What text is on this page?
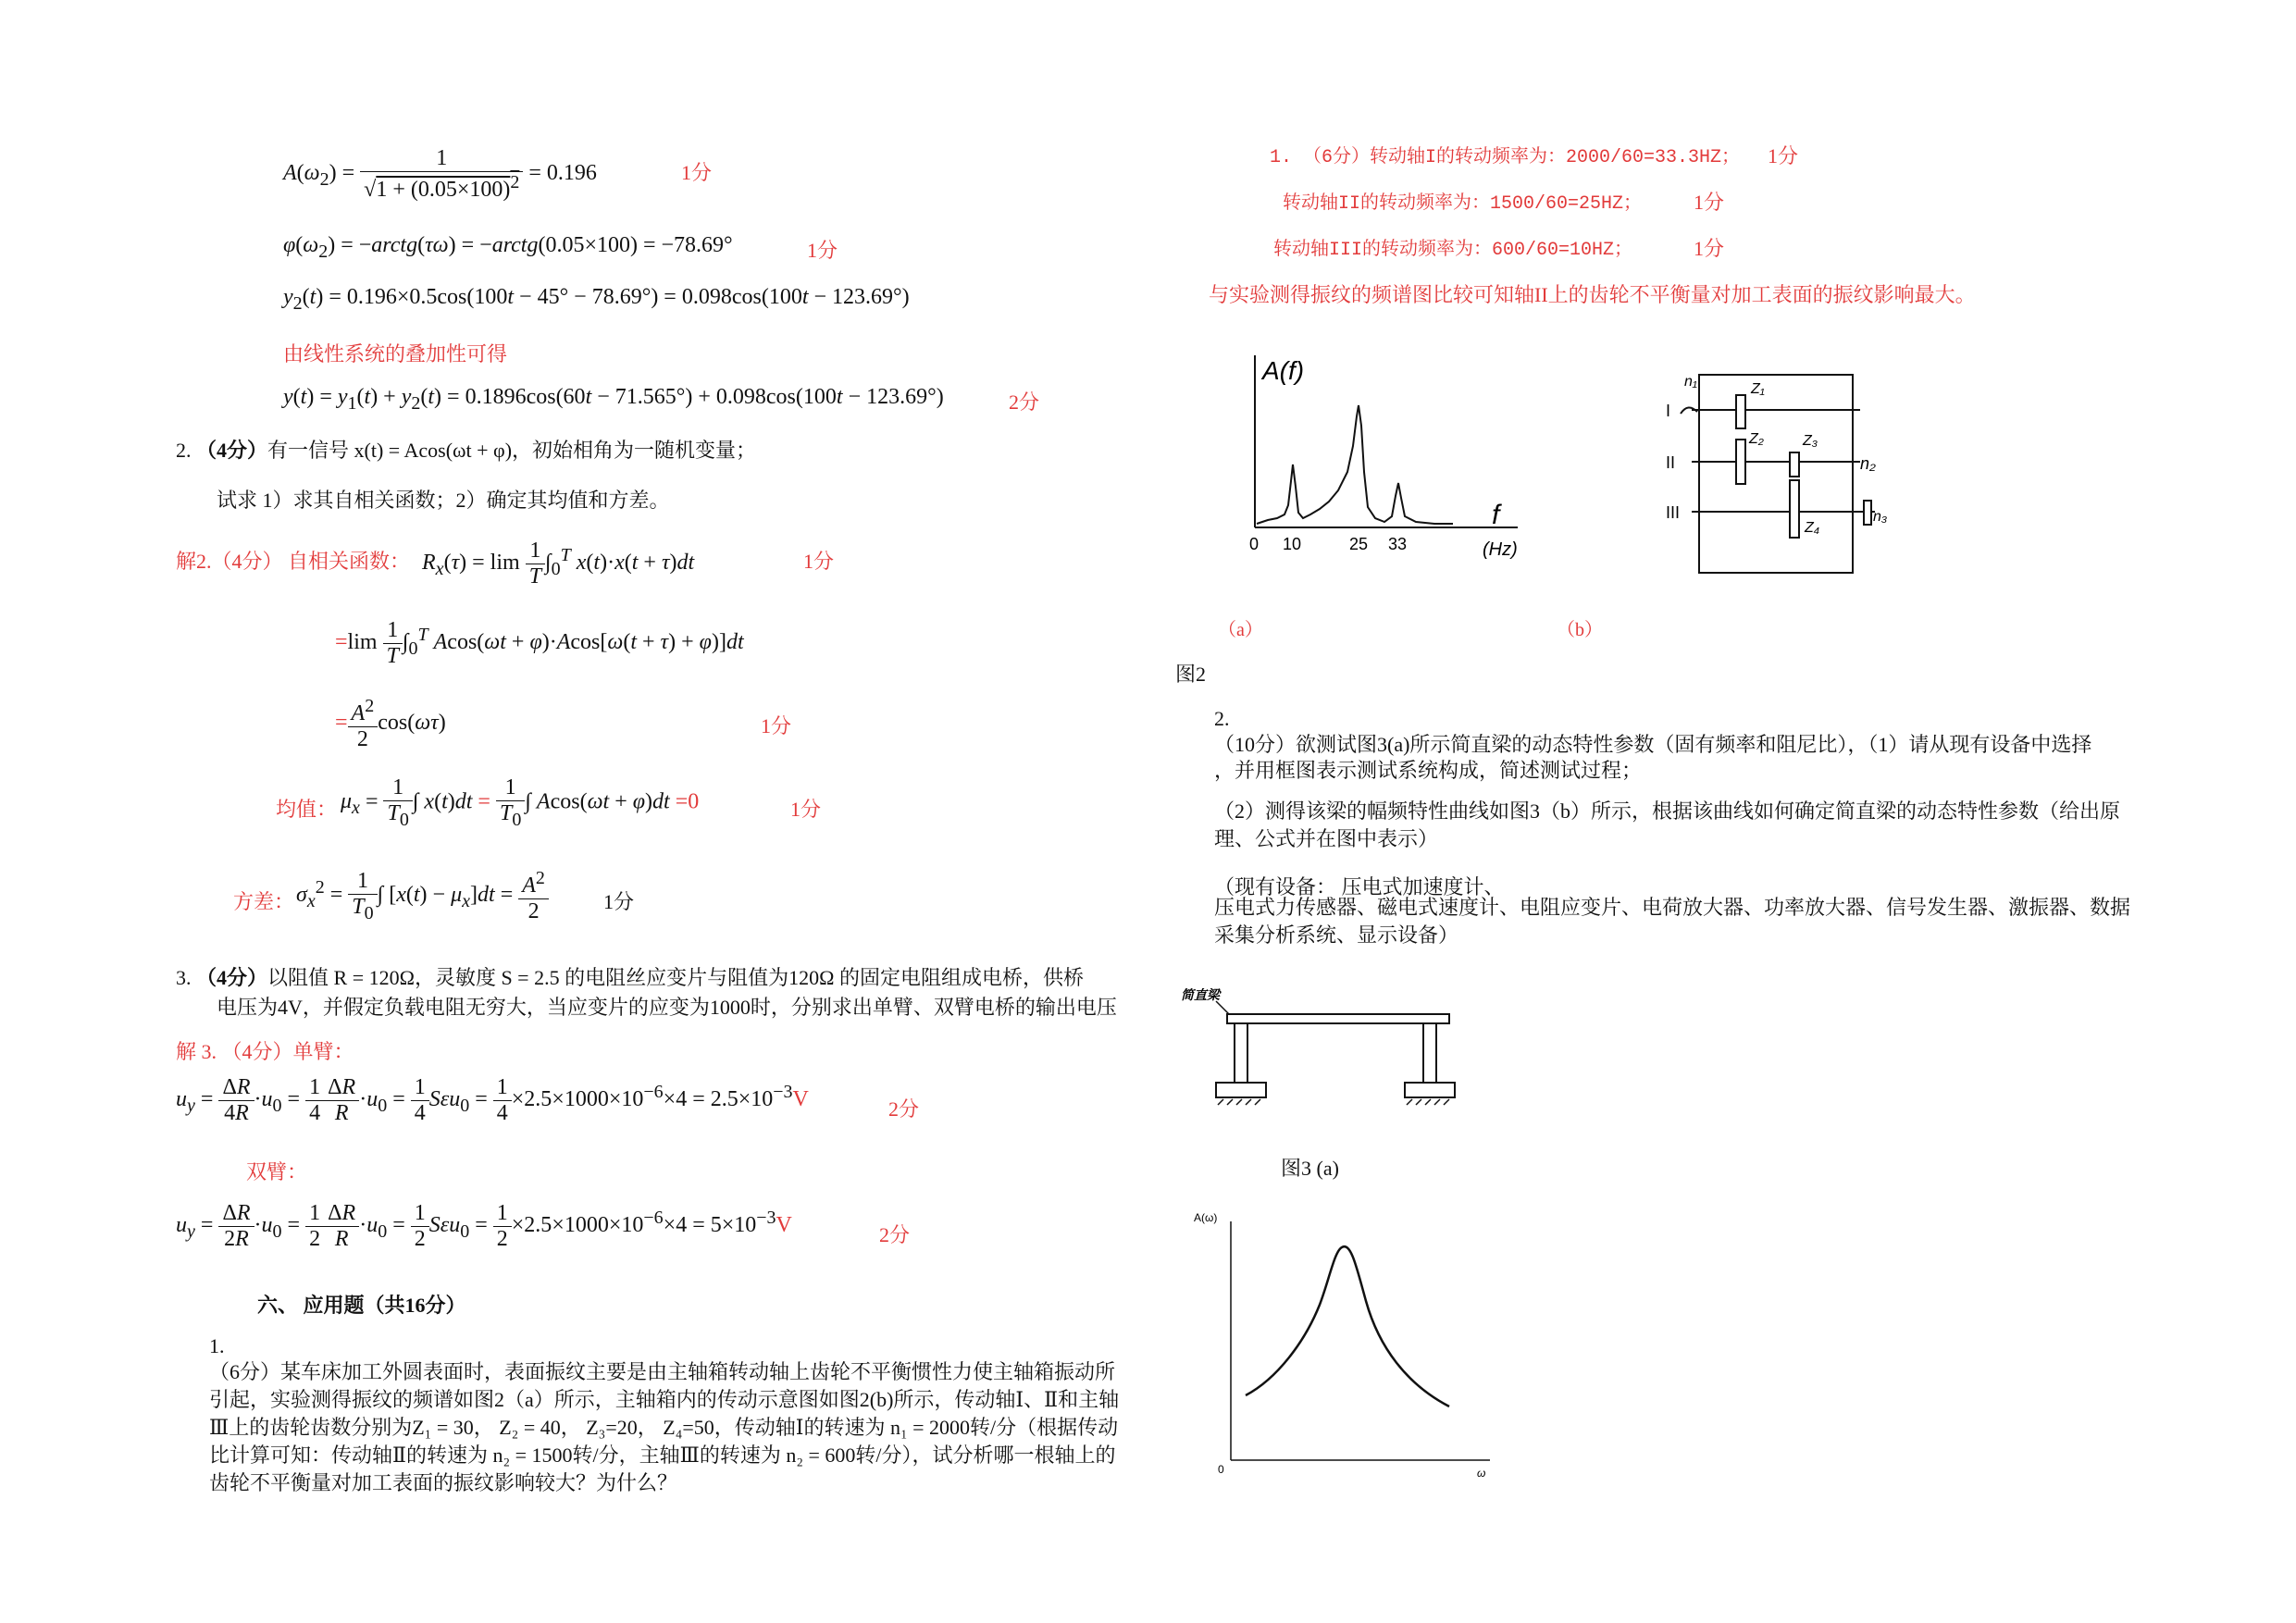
$A(\omega_2) = \frac{1}{√1 + (0.05\times 100)^2} = 0.196$	1分
$\varphi(\omega_2)$ = −arctg(τω) = −arctg(0.05×100) = −78.69°	1分
$y_2(t) = 0.196\times 0.5\cos(100t - 45^\circ - 78.69^\circ) = 0.098\cos(100t - 123.69^\circ)$
由线性系统的叠加性可得
$y(t) = y_1(t) + y_2(t) = 0.1896\cos(60t - 71.565^\circ) + 0.098\cos(100t - 123.69^\circ)$	2分
2. （4分）有一信号 x(t) = Acos(ωt + φ)，初始相角为一随机变量；
试求 1）求其自相关函数；2）确定其均值和方差。
解2.（4分） 自相关函数： $R_x(\tau) = \lim \frac{1}{T} \int_0^T$ x(t)·x(t + τ)dt	1分
$=\lim \frac{1}{T} \int_0^T$ Acos(ωt + φ)·Acos[ω(t + τ) + φ)]dt
= $\frac{A^2}{2} \cos(\omega\tau)$	1分
均值： $\mu_x = \frac{1}{T_0}$ ∫ $x(t)dt = \frac{1}{T_0}$ ∫ Acos(ωt + φ)dt =0	1分
方差： $\sigma_x^2 = \frac{1}{T_0}$ ∫ $[x(t) - \mu_x]dt = \frac{A^2}{2}$	1分
3. （4分）以阻值 R = 120Ω，灵敏度 S = 2.5 的电阻丝应变片与阻值为120Ω 的固定电阻组成电桥，供桥
电压为4V，并假定负载电阻无穷大，当应变片的应变为1000时，分别求出单臂、双臂电桥的输出电压
解 3. （4分）单臂：
$u_y = \frac{\Delta R}{4R} \cdot u_0 = \frac{1}{4} \frac{\Delta R}{R} \cdot u_0 = \frac{1}{4} S\varepsilon u_0 = \frac{1}{4} \times 2.5\times 1000\times 10^{-6}\times 4 = 2.5\times 10^{-3}V$	2分
双臂：
$u_y = \frac{\Delta R}{2R} \cdot u_0 = \frac{1}{2} \frac{\Delta R}{R} \cdot u_0 = \frac{1}{2} S\varepsilon u_0 = \frac{1}{2} \times 2.5\times 1000\times 10^{-6}\times 4 = 5\times 10^{-3}V$	2分
六、 应用题（共16分）
1.
（6分）某车床加工外圆表面时，表面振纹主要是由主轴箱转动轴上齿轮不平衡惯性力使主轴箱振动所引起，实验测得振纹的频谱如图2（a）所示，主轴箱内的传动示意图如图2(b)所示，传动轴Ⅰ、Ⅱ和主轴Ⅲ上的齿轮齿数分别为Z₁ = 30， Z₂ = 40， Z₃=20， Z₄=50，传动轴Ⅰ的转速为 n₁ = 2000转/分（根据传动比计算可知：传动轴Ⅱ的转速为 n₂ = 1500转/分，主轴Ⅲ的转速为 n₂ = 600转/分），试分析哪一根轴上的齿轮不平衡量对加工表面的振纹影响较大？为什么？
1. （6分）转动轴I的转动频率为：2000/60=33.3HZ； 1分
转动轴II的转动频率为：1500/60=25HZ；	1分
转动轴III的转动频率为：600/60=10HZ；	1分
与实验测得振纹的频谱图比较可知轴II上的齿轮不平衡量对加工表面的振纹影响最大。
A(f)
f
(Hz)
0 10	25 33
I
II
III
Z₁
Z₂	Z₃
Z₄
n₁
n₂
n₃
（a）	（b）
图2
2.
（10分）欲测试图3(a)所示简直梁的动态特性参数（固有频率和阻尼比），（1）请从现有设备中选择
，并用框图表示测试系统构成，简述测试过程；
（2）测得该梁的幅频特性曲线如图3（b）所示，根据该曲线如何确定简直梁的动态特性参数（给出原理、公式并在图中表示）
（现有设备： 压电式加速度计、
压电式力传感器、磁电式速度计、电阻应变片、电荷放大器、功率放大器、信号发生器、激振器、数据采集分析系统、显示设备）
简直梁
图3 (a)
A(ω)
0	ω
